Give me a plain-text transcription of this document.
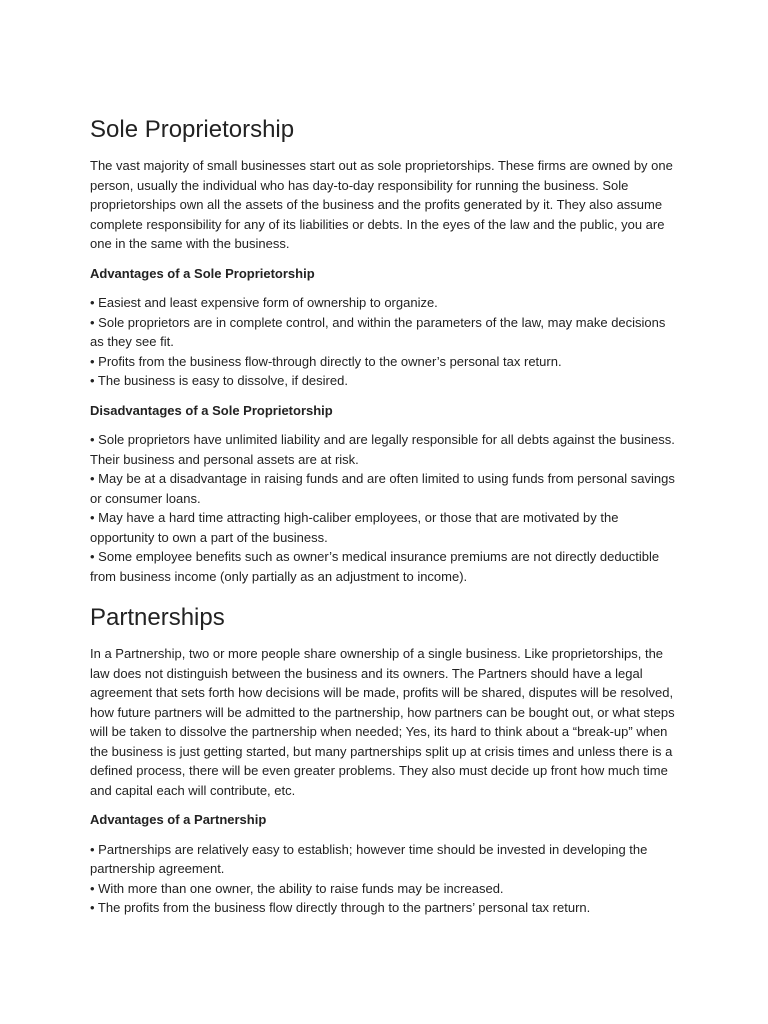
Sole Proprietorship

The vast majority of small businesses start out as sole proprietorships. These firms are owned by one person, usually the individual who has day-to-day responsibility for running the business. Sole proprietorships own all the assets of the business and the profits generated by it. They also assume complete responsibility for any of its liabilities or debts. In the eyes of the law and the public, you are one in the same with the business.

Advantages of a Sole Proprietorship

• Easiest and least expensive form of ownership to organize.

• Sole proprietors are in complete control, and within the parameters of the law, may make decisions as they see fit.

• Profits from the business flow-through directly to the owner’s personal tax return.

• The business is easy to dissolve, if desired.

Disadvantages of a Sole Proprietorship

• Sole proprietors have unlimited liability and are legally responsible for all debts against the business. Their business and personal assets are at risk.

• May be at a disadvantage in raising funds and are often limited to using funds from personal savings or consumer loans.

• May have a hard time attracting high-caliber employees, or those that are motivated by the opportunity to own a part of the business.

• Some employee benefits such as owner’s medical insurance premiums are not directly deductible from business income (only partially as an adjustment to income).

Partnerships

In a Partnership, two or more people share ownership of a single business. Like proprietorships, the law does not distinguish between the business and its owners. The Partners should have a legal agreement that sets forth how decisions will be made, profits will be shared, disputes will be resolved, how future partners will be admitted to the partnership, how partners can be bought out, or what steps will be taken to dissolve the partnership when needed; Yes, its hard to think about a “break-up” when the business is just getting started, but many partnerships split up at crisis times and unless there is a defined process, there will be even greater problems. They also must decide up front how much time and capital each will contribute, etc.

Advantages of a Partnership

• Partnerships are relatively easy to establish; however time should be invested in developing the partnership agreement.

• With more than one owner, the ability to raise funds may be increased.

• The profits from the business flow directly through to the partners’ personal tax return.
